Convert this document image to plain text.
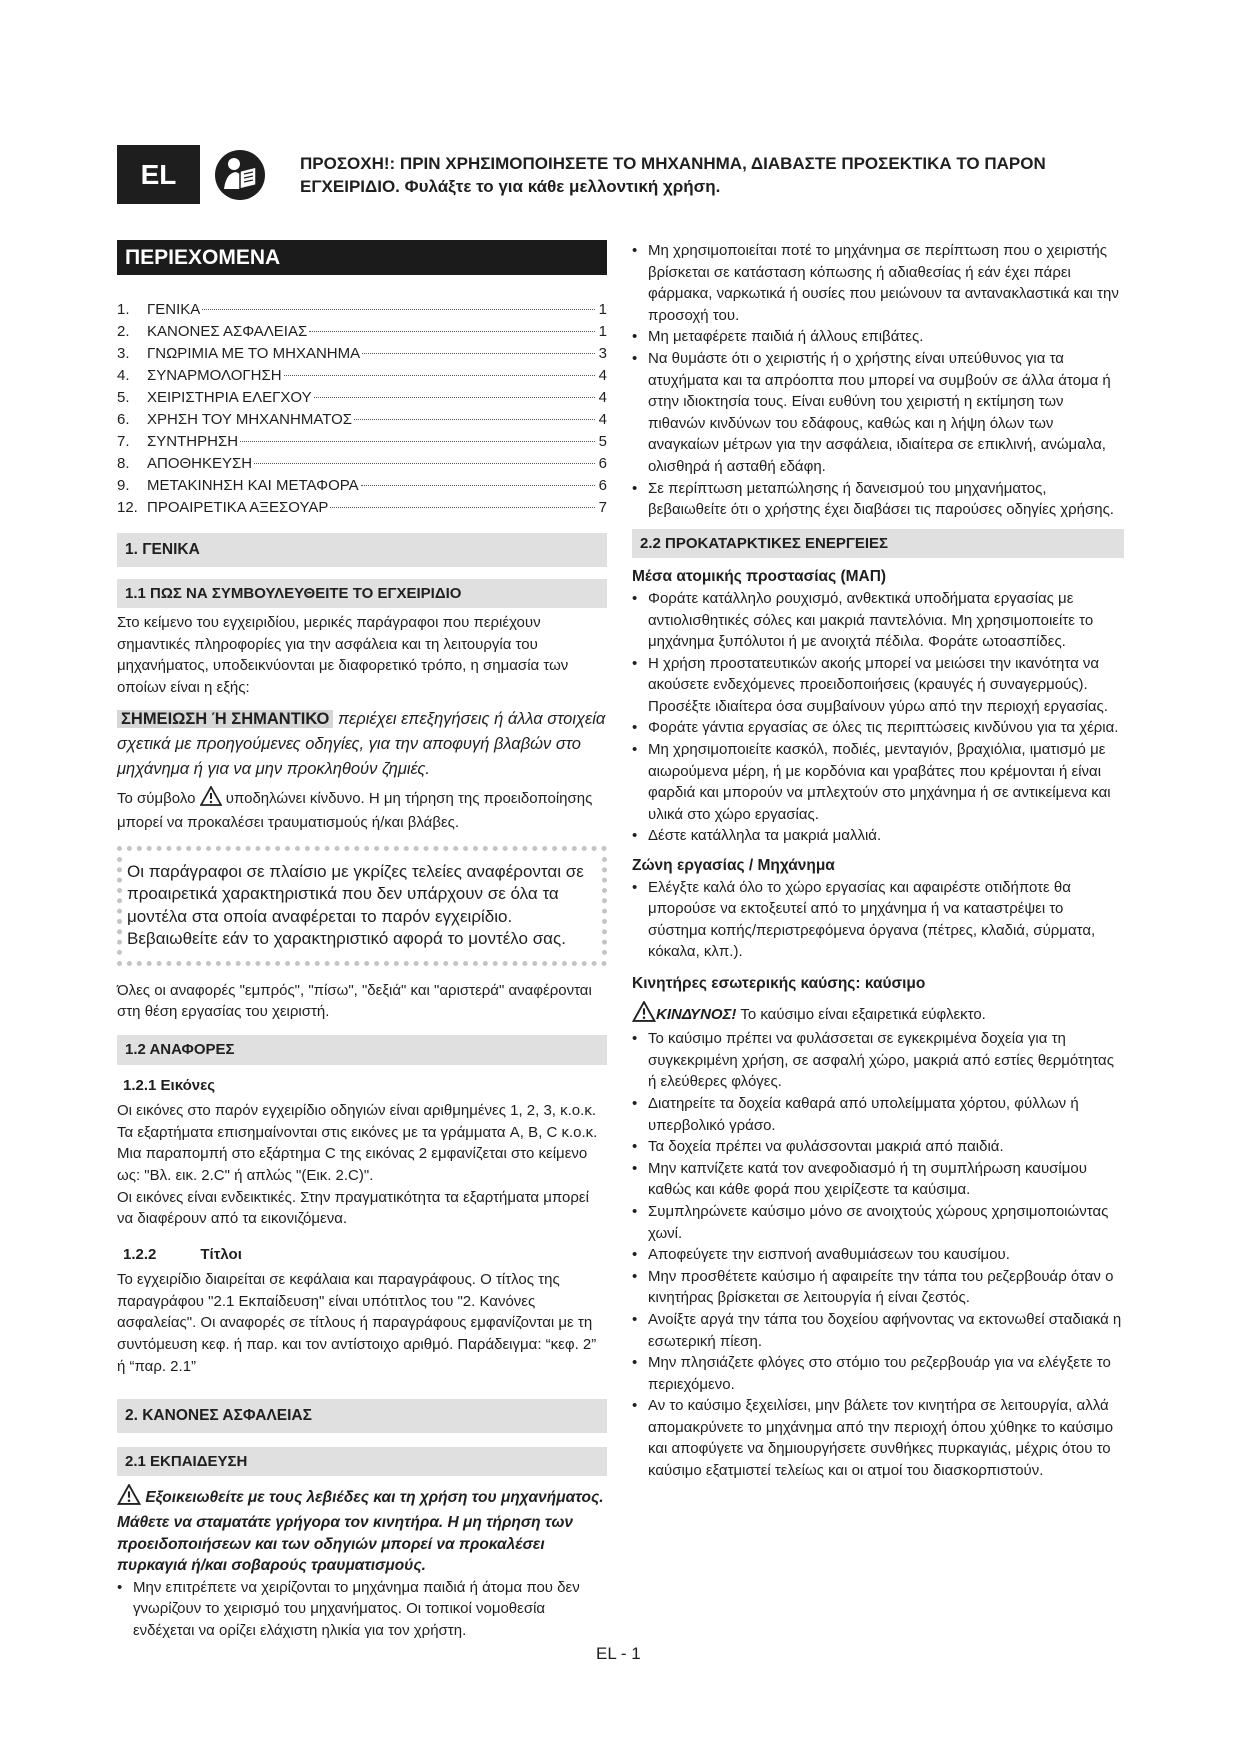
EL	ΠΡΟΣΟΧΗ!: ΠΡΙΝ ΧΡΗΣΙΜΟΠΟΙΗΣΕΤΕ ΤΟ ΜΗΧΑΝΗΜΑ, ΔΙΑΒΑΣΤΕ ΠΡΟΣΕΚΤΙΚΑ ΤΟ ΠΑΡΟΝ
ΕΓΧΕΙΡΙΔΙΟ. Φυλάξτε το για κάθε μελλοντική χρήση.
ΠΕΡΙΕΧΟΜΕΝΑ
1.	ΓΕΝΙΚΑ	1
2.	ΚΑΝΟΝΕΣ ΑΣΦΑΛΕΙΑΣ	1
3.	ΓΝΩΡΙΜΙΑ ΜΕ ΤΟ ΜΗΧΑΝΗΜΑ	3
4.	ΣΥΝΑΡΜΟΛΟΓΗΣΗ	4
5.	ΧΕΙΡΙΣΤΗΡΙΑ ΕΛΕΓΧΟΥ	4
6.	ΧΡΗΣΗ ΤΟΥ ΜΗΧΑΝΗΜΑΤΟΣ	4
7.	ΣΥΝΤΗΡΗΣΗ	5
8.	ΑΠΟΘΗΚΕΥΣΗ	6
9.	ΜΕΤΑΚΙΝΗΣΗ ΚΑΙ ΜΕΤΑΦΟΡΑ	6
12. ΠΡΟΑΙΡΕΤΙΚΑ ΑΞΕΣΟΥΑΡ	7
1. ΓΕΝΙΚΑ
1.1 ΠΩΣ ΝΑ ΣΥΜΒΟΥΛΕΥΘΕΙΤΕ ΤΟ ΕΓΧΕΙΡΙΔΙΟ

Στο κείμενο του εγχειριδίου, μερικές παράγραφοι που περιέχουν σημαντικές πληροφορίες για την ασφάλεια και τη λειτουργία του μηχανήματος, υποδεικνύονται με διαφορετικό τρόπο, η σημασία των οποίων είναι η εξής:

ΣΗΜΕΙΩΣΗ Ή ΣΗΜΑΝΤΙΚΟ περιέχει επεξηγήσεις ή άλλα στοιχεία σχετικά με προηγούμενες οδηγίες, για την αποφυγή βλαβών στο μηχάνημα ή για να μην προκληθούν ζημιές.

Το σύμβολο  υποδηλώνει κίνδυνο. Η μη τήρηση της προειδοποίησης μπορεί να προκαλέσει τραυματισμούς ή/και βλάβες.

Οι παράγραφοι σε πλαίσιο με γκρίζες τελείες αναφέρονται σε προαιρετικά χαρακτηριστικά που δεν υπάρχουν σε όλα τα μοντέλα στα οποία αναφέρεται το παρόν εγχειρίδιο. Βεβαιωθείτε εάν το χαρακτηριστικό αφορά το μοντέλο σας.

Όλες οι αναφορές "εμπρός", "πίσω", "δεξιά" και "αριστερά" αναφέρονται στη θέση εργασίας του χειριστή.

1.2 ΑΝΑΦΟΡΕΣ
1.2.1 Εικόνες

Οι εικόνες στο παρόν εγχειρίδιο οδηγιών είναι αριθμημένες 1, 2, 3, κ.ο.κ.

Τα εξαρτήματα επισημαίνονται στις εικόνες με τα γράμματα A, B, C κ.ο.κ.

Μια παραπομπή στο εξάρτημα C της εικόνας 2 εμφανίζεται στο κείμενο ως: "Βλ. εικ. 2.C" ή απλώς "(Εικ. 2.C)".

Οι εικόνες είναι ενδεικτικές. Στην πραγματικότητα τα εξαρτήματα μπορεί να διαφέρουν από τα εικονιζόμενα.

1.2.2	Τίτλοι

Το εγχειρίδιο διαιρείται σε κεφάλαια και παραγράφους. Ο τίτλος της παραγράφου "2.1 Εκπαίδευση" είναι υπότιτλος του "2. Κανόνες ασφαλείας". Οι αναφορές σε τίτλους ή παραγράφους εμφανίζονται με τη συντόμευση κεφ. ή παρ. και τον αντίστοιχο αριθμό. Παράδειγμα: “κεφ. 2” ή “παρ. 2.1”

2. ΚΑΝΟΝΕΣ ΑΣΦΑΛΕΙΑΣ
2.1 ΕΚΠΑΙΔΕΥΣΗ

Εξοικειωθείτε με τους λεβιέδες και τη χρήση του μηχανήματος. Μάθετε να σταματάτε γρήγορα τον κινητήρα. Η μη τήρηση των προειδοποιήσεων και των οδηγιών μπορεί να προκαλέσει πυρκαγιά ή/και σοβαρούς τραυματισμούς.

• Μην επιτρέπετε να χειρίζονται το μηχάνημα παιδιά ή άτομα που δεν γνωρίζουν το χειρισμό του μηχανήματος. Οι τοπικοί νομοθεσία ενδέχεται να ορίζει ελάχιστη ηλικία για τον χρήστη.

• Μη χρησιμοποιείται ποτέ το μηχάνημα σε περίπτωση που ο χειριστής βρίσκεται σε κατάσταση κόπωσης ή αδιαθεσίας ή εάν έχει πάρει φάρμακα, ναρκωτικά ή ουσίες που μειώνουν τα αντανακλαστικά και την προσοχή του.

• Μη μεταφέρετε παιδιά ή άλλους επιβάτες.

• Να θυμάστε ότι ο χειριστής ή ο χρήστης είναι υπεύθυνος για τα ατυχήματα και τα απρόοπτα που μπορεί να συμβούν σε άλλα άτομα ή στην ιδιοκτησία τους. Είναι ευθύνη του χειριστή η εκτίμηση των πιθανών κινδύνων του εδάφους, καθώς και η λήψη όλων των αναγκαίων μέτρων για την ασφάλεια, ιδιαίτερα σε επικλινή, ανώμαλα, ολισθηρά ή ασταθή εδάφη.

• Σε περίπτωση μεταπώλησης ή δανεισμού του μηχανήματος, βεβαιωθείτε ότι ο χρήστης έχει διαβάσει τις παρούσες οδηγίες χρήσης.

2.2 ΠΡΟΚΑΤΑΡΚΤΙΚΕΣ ΕΝΕΡΓΕΙΕΣ
Μέσα ατομικής προστασίας (ΜΑΠ)

• Φοράτε κατάλληλο ρουχισμό, ανθεκτικά υποδήματα εργασίας με αντιολισθητικές σόλες και μακριά παντελόνια. Μη χρησιμοποιείτε το μηχάνημα ξυπόλυτοι ή με ανοιχτά πέδιλα. Φοράτε ωτοασπίδες.

• Η χρήση προστατευτικών ακοής μπορεί να μειώσει την ικανότητα να ακούσετε ενδεχόμενες προειδοποιήσεις (κραυγές ή συναγερμούς). Προσέξτε ιδιαίτερα όσα συμβαίνουν γύρω από την περιοχή εργασίας.

• Φοράτε γάντια εργασίας σε όλες τις περιπτώσεις κινδύνου για τα χέρια.

• Μη χρησιμοποιείτε κασκόλ, ποδιές, μενταγιόν, βραχιόλια, ιματισμό με αιωρούμενα μέρη, ή με κορδόνια και γραβάτες που κρέμονται ή είναι φαρδιά και μπορούν να μπλεχτούν στο μηχάνημα ή σε αντικείμενα και υλικά στο χώρο εργασίας.

• Δέστε κατάλληλα τα μακριά μαλλιά.

Ζώνη εργασίας / Μηχάνημα

• Ελέγξτε καλά όλο το χώρο εργασίας και αφαιρέστε οτιδήποτε θα μπορούσε να εκτοξευτεί από το μηχάνημα ή να καταστρέψει το σύστημα κοπής/περιστρεφόμενα όργανα (πέτρες, κλαδιά, σύρματα, κόκαλα, κλπ.).

Κινητήρες εσωτερικής καύσης: καύσιμο

ΚΙΝΔΥΝΟΣ! Το καύσιμο είναι εξαιρετικά εύφλεκτο.

• Το καύσιμο πρέπει να φυλάσσεται σε εγκεκριμένα δοχεία για τη συγκεκριμένη χρήση, σε ασφαλή χώρο, μακριά από εστίες θερμότητας ή ελεύθερες φλόγες.

• Διατηρείτε τα δοχεία καθαρά από υπολείμματα χόρτου, φύλλων ή υπερβολικό γράσο.

• Τα δοχεία πρέπει να φυλάσσονται μακριά από παιδιά.

• Μην καπνίζετε κατά τον ανεφοδιασμό ή τη συμπλήρωση καυσίμου καθώς και κάθε φορά που χειρίζεστε τα καύσιμα.

• Συμπληρώνετε καύσιμο μόνο σε ανοιχτούς χώρους χρησιμοποιώντας χωνί.

• Αποφεύγετε την εισπνοή αναθυμιάσεων του καυσίμου.

• Μην προσθέτετε καύσιμο ή αφαιρείτε την τάπα του ρεζερβουάρ όταν ο κινητήρας βρίσκεται σε λειτουργία ή είναι ζεστός.

• Ανοίξτε αργά την τάπα του δοχείου αφήνοντας να εκτονωθεί σταδιακά η εσωτερική πίεση.

• Μην πλησιάζετε φλόγες στο στόμιο του ρεζερβουάρ για να ελέγξετε το περιεχόμενο.

• Αν το καύσιμο ξεχειλίσει, μην βάλετε τον κινητήρα σε λειτουργία, αλλά απομακρύνετε το μηχάνημα από την περιοχή όπου χύθηκε το καύσιμο και αποφύγετε να δημιουργήσετε συνθήκες πυρκαγιάς, μέχρις ότου το καύσιμο εξατμιστεί τελείως και οι ατμοί του διασκορπιστούν.

EL - 1
